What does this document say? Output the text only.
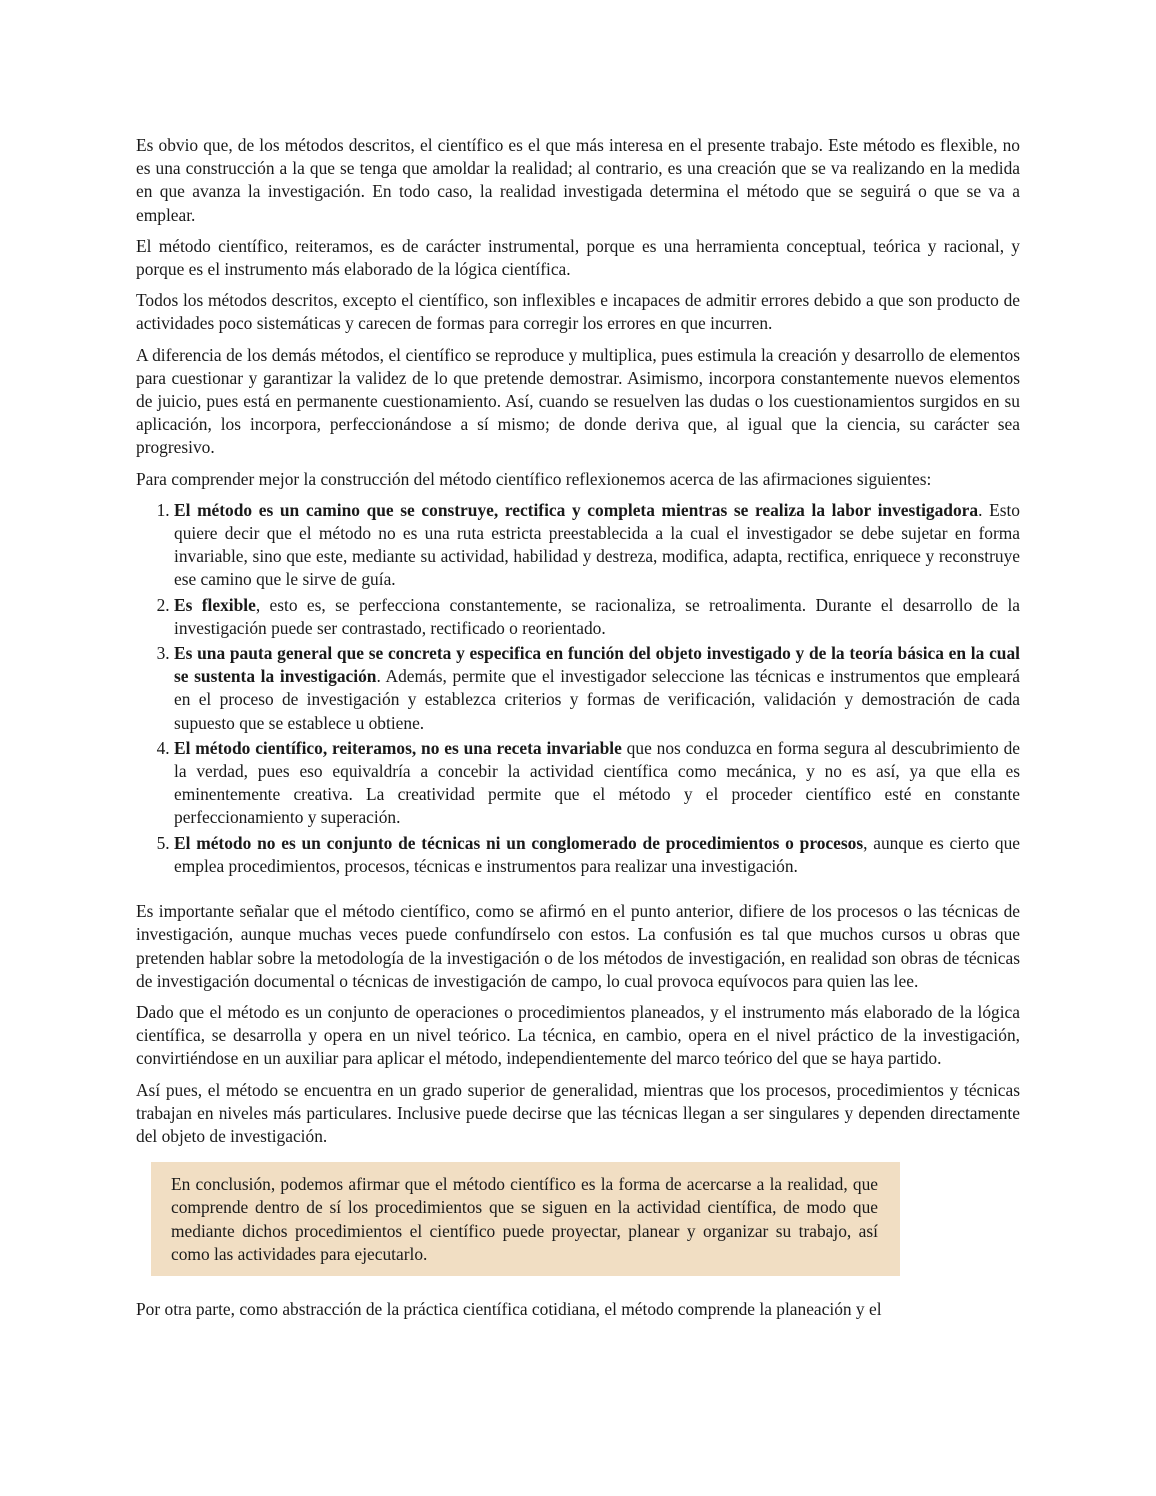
Es obvio que, de los métodos descritos, el científico es el que más interesa en el presente trabajo. Este método es flexible, no es una construcción a la que se tenga que amoldar la realidad; al contrario, es una creación que se va realizando en la medida en que avanza la investigación. En todo caso, la realidad investigada determina el método que se seguirá o que se va a emplear.

El método científico, reiteramos, es de carácter instrumental, porque es una herramienta conceptual, teórica y racional, y porque es el instrumento más elaborado de la lógica científica.

Todos los métodos descritos, excepto el científico, son inflexibles e incapaces de admitir errores debido a que son producto de actividades poco sistemáticas y carecen de formas para corregir los errores en que incurren.

A diferencia de los demás métodos, el científico se reproduce y multiplica, pues estimula la creación y desarrollo de elementos para cuestionar y garantizar la validez de lo que pretende demostrar. Asimismo, incorpora constantemente nuevos elementos de juicio, pues está en permanente cuestionamiento. Así, cuando se resuelven las dudas o los cuestionamientos surgidos en su aplicación, los incorpora, perfeccionándose a sí mismo; de donde deriva que, al igual que la ciencia, su carácter sea progresivo.

Para comprender mejor la construcción del método científico reflexionemos acerca de las afirmaciones siguientes:

1. El método es un camino que se construye, rectifica y completa mientras se realiza la labor investigadora. Esto quiere decir que el método no es una ruta estricta preestablecida a la cual el investigador se debe sujetar en forma invariable, sino que este, mediante su actividad, habilidad y destreza, modifica, adapta, rectifica, enriquece y reconstruye ese camino que le sirve de guía.
2. Es flexible, esto es, se perfecciona constantemente, se racionaliza, se retroalimenta. Durante el desarrollo de la investigación puede ser contrastado, rectificado o reorientado.
3. Es una pauta general que se concreta y especifica en función del objeto investigado y de la teoría básica en la cual se sustenta la investigación. Además, permite que el investigador seleccione las técnicas e instrumentos que empleará en el proceso de investigación y establezca criterios y formas de verificación, validación y demostración de cada supuesto que se establece u obtiene.
4. El método científico, reiteramos, no es una receta invariable que nos conduzca en forma segura al descubrimiento de la verdad, pues eso equivaldría a concebir la actividad científica como mecánica, y no es así, ya que ella es eminentemente creativa. La creatividad permite que el método y el proceder científico esté en constante perfeccionamiento y superación.
5. El método no es un conjunto de técnicas ni un conglomerado de procedimientos o procesos, aunque es cierto que emplea procedimientos, procesos, técnicas e instrumentos para realizar una investigación.

Es importante señalar que el método científico, como se afirmó en el punto anterior, difiere de los procesos o las técnicas de investigación, aunque muchas veces puede confundírselo con estos. La confusión es tal que muchos cursos u obras que pretenden hablar sobre la metodología de la investigación o de los métodos de investigación, en realidad son obras de técnicas de investigación documental o técnicas de investigación de campo, lo cual provoca equívocos para quien las lee.

Dado que el método es un conjunto de operaciones o procedimientos planeados, y el instrumento más elaborado de la lógica científica, se desarrolla y opera en un nivel teórico. La técnica, en cambio, opera en el nivel práctico de la investigación, convirtiéndose en un auxiliar para aplicar el método, independientemente del marco teórico del que se haya partido.

Así pues, el método se encuentra en un grado superior de generalidad, mientras que los procesos, procedimientos y técnicas trabajan en niveles más particulares. Inclusive puede decirse que las técnicas llegan a ser singulares y dependen directamente del objeto de investigación.

En conclusión, podemos afirmar que el método científico es la forma de acercarse a la realidad, que comprende dentro de sí los procedimientos que se siguen en la actividad científica, de modo que mediante dichos procedimientos el científico puede proyectar, planear y organizar su trabajo, así como las actividades para ejecutarlo.

Por otra parte, como abstracción de la práctica científica cotidiana, el método comprende la planeación y el
